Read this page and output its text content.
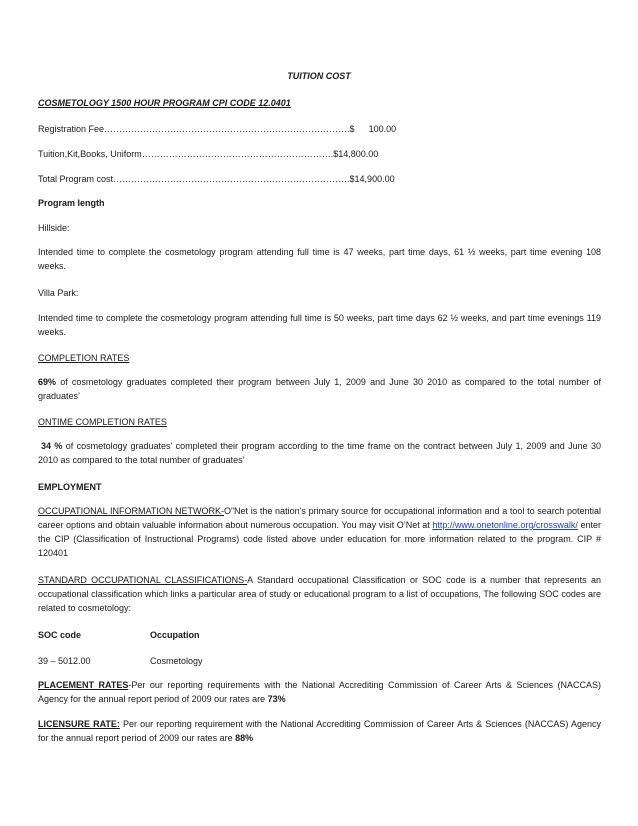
TUITION COST
COSMETOLOGY 1500 HOUR PROGRAM CPI CODE 12.0401
Registration Fee……………………………………………………………………….$ 100.00
Tuition,Kit,Books, Uniform……………………………………………………….$14,800.00
Total Program cost…………………………………………………………………….$14,900.00
Program length
Hillside:
Intended time to complete the cosmetology program attending full time is 47 weeks, part time days, 61 ½ weeks, part time evening 108 weeks.
Villa Park:
Intended time to complete the cosmetology program attending full time is 50 weeks, part time days 62 ½ weeks, and part time evenings 119 weeks.
COMPLETION RATES
69% of cosmetology graduates completed their program between July 1, 2009 and June 30 2010 as compared to the total number of graduates’
ONTIME COMPLETION RATES
34 % of cosmetology graduates’ completed their program according to the time frame on the contract between July 1, 2009 and June 30 2010 as compared to the total number of graduates’
EMPLOYMENT
OCCUPATIONAL INFORMATION NETWORK-O”Net is the nation’s primary source for occupational information and a tool to search potential career options and obtain valuable information about numerous occupation. You may visit O’Net at http://www.onetonline.org/crosswalk/ enter the CIP (Classification of Instructional Programs) code listed above under education for more information related to the program. CIP # 120401
STANDARD OCCUPATIONAL CLASSIFICATIONS-A Standard occupational Classification or SOC code is a number that represents an occupational classification which links a particular area of study or educational program to a list of occupations, The following SOC codes are related to cosmetology:
SOC code	Occupation
39 – 5012.00	Cosmetology
PLACEMENT RATES-Per our reporting requirements with the National Accrediting Commission of Career Arts & Sciences (NACCAS) Agency for the annual report period of 2009 our rates are 73%
LICENSURE RATE: Per our reporting requirement with the National Accrediting Commission of Career Arts & Sciences (NACCAS) Agency for the annual report period of 2009 our rates are 88%
